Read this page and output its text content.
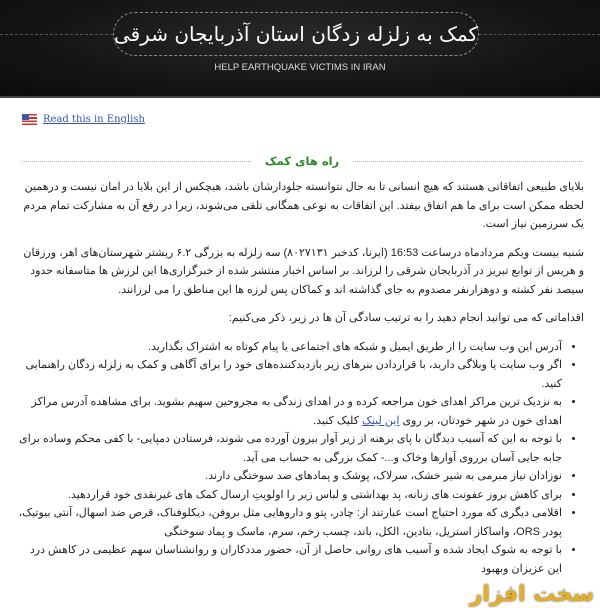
کمک به زلزله زدگان استان آذربایجان شرقی
HELP EARTHQUAKE VICTIMS IN IRAN
Read this in English
راه های کمک

بلایای طبیعی اتفاقاتی هستند که هیچ انسانی تا به حال نتوانسته جلودارشان باشد، هیچکس از این بلایا در امان نیست و درهمین لحظه ممکن است برای ما هم اتفاق بیفتد. این اتفاقات به نوعی همگانی تلقی می‌شوند، زیرا در رفع آن به مشارکت تمام مردم یک سرزمین نیاز است.

شنبه بیست ویکم مردادماه درساعت 16:53 (ایرنا، کدخبر ۸۰۲۷۱۳۱) سه زلزله به بزرگی ۶.۲ ریشتر شهرستان‌های اهر، ورزقان و هریس از توابع تبریز در آذربایجان شرقی را لرزاند. بر اساس اخبار منتشر شده از خبرگزاری‌ها این لرزش ها متاسفانه حدود سیصد نفر کشته و دوهزارنفر مصدوم به جای گذاشته اند و کماکان پس لرزه ها این مناطق را می لرزانند.

اقداماتی که می توانید انجام دهید را به ترتیب سادگی آن ها در زیر، ذکر می‌کنیم:

• آدرس این وب سایت را از طریق ایمیل و شبکه های اجتماعی یا پیام کوتاه به اشتراک بگذارید.
• اگر وب سایت یا وبلاگی دارید، با قراردادن بنرهای زیر بازدیدکننده‌های خود را برای آگاهی و کمک به زلزله زدگان راهنمایی کنید.
• به نزدیک ترین مراکز اهدای خون مراجعه کرده و در اهدای زندگی به مجروحین سهیم بشوید. برای مشاهده آدرس مراکز اهدای خون در شهر خودتان، بر روی این لینک کلیک کنید.
• با توجه به این که آسیب دیدگان با پای برهنه از زیر آوار بیرون آورده می شوند، فرستادن دمپایی- با کفی محکم وساده برای جابه جایی آسان برروی آوارها وخاک و...- کمک بزرگی به حساب می آید.
• نوزادان نیاز مبرمی به شیر خشک، سرلاک، پوشک و پمادهای ضد سوختگی دارند.
• برای کاهش بروز عفونت های زنانه، پد بهداشتی و لباس زیر را اولویتِ ارسال کمک های غیرنقدی خود قراردهید.
• اقلامی دیگری که مورد احتیاج است عبارتند از: چادر، پتو و داروهایی مثل بروفن، دیکلوفناک، قرص ضد اسهال، آنتی بیوتیک، پودر ORS، واساکاز استریل، بتادین، الکل، باند، چسب زخم، سرم، ماسک و پماد سوختگی
• با توجه به شوک ایجاد شده و آسیب های روانی حاصل از آن، حضور مددکاران و روانشناسان سهم عظیمی در کاهش درد این عزیزان وبهبود
سخت افزار
